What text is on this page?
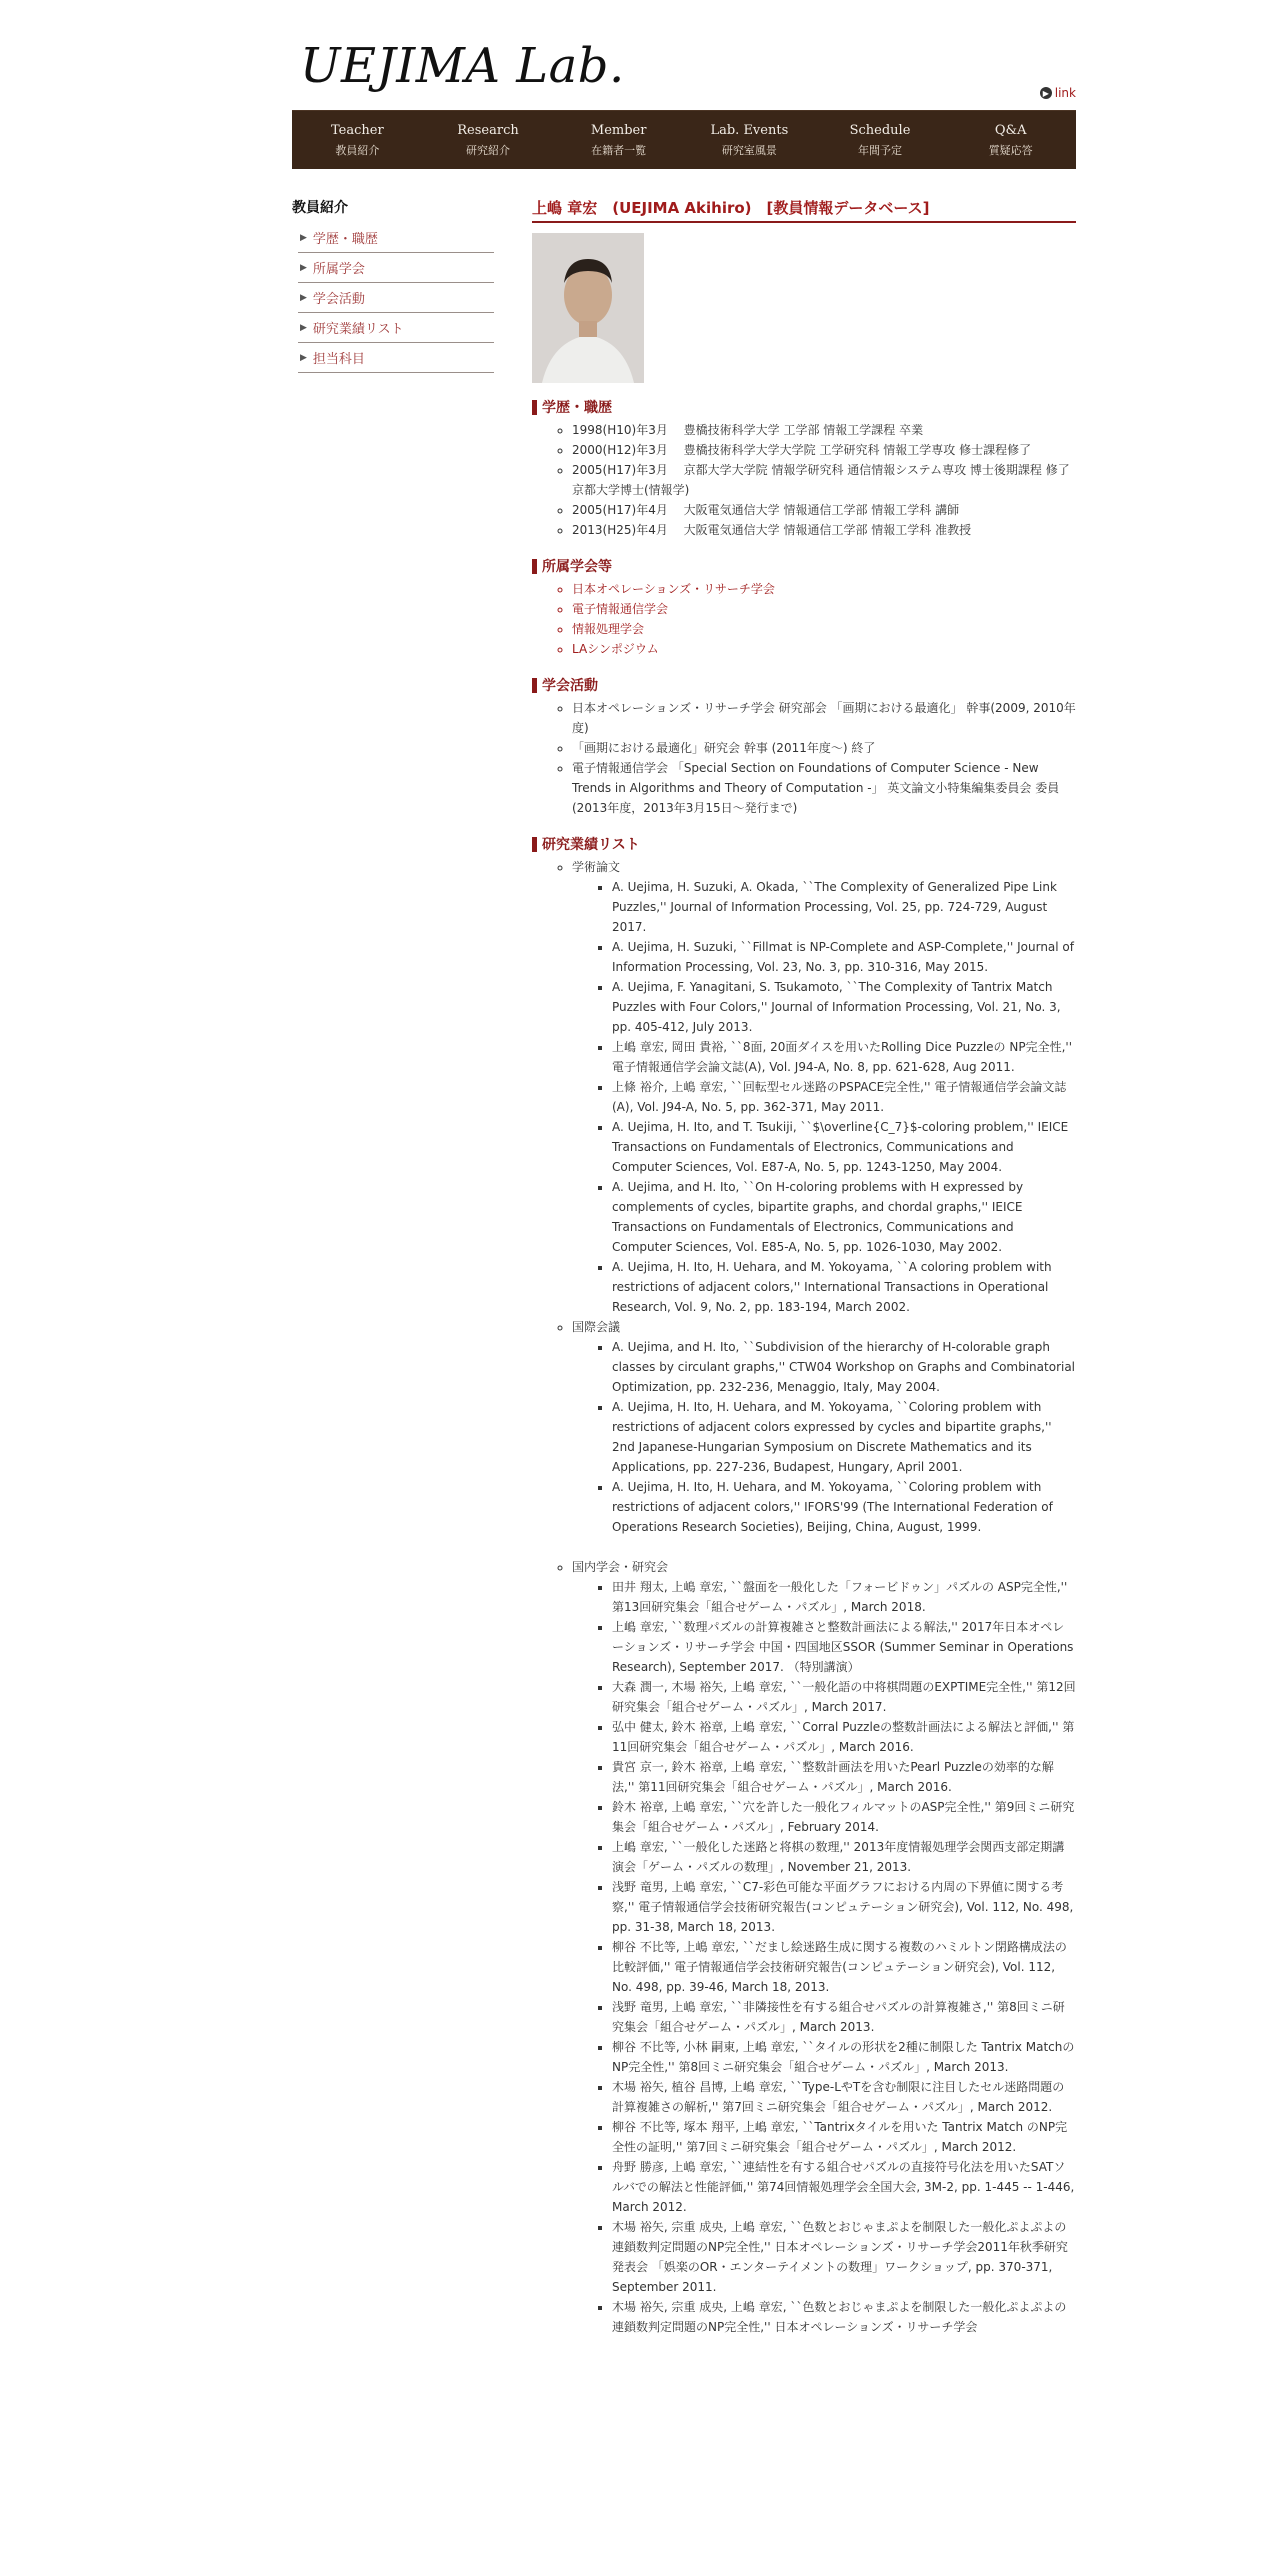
UEJIMA Lab.	▶ link
Teacher
教員紹介
Research
研究紹介
Member
在籍者一覧
Lab. Events
研究室風景
Schedule
年間予定
Q&A
質疑応答
教員紹介
▶ 学歴・職歴
▶ 所属学会
▶ 学会活動
▶ 研究業績リスト
▶ 担当科目
上嶋 章宏　(UEJIMA Akihiro)　[教員情報データベース]
学歴・職歴
◦ 1998(H10)年3月　 豊橋技術科学大学 工学部 情報工学課程 卒業
◦ 2000(H12)年3月　 豊橋技術科学大学大学院 工学研究科 情報工学専攻 修士課程修了
◦ 2005(H17)年3月　 京都大学大学院 情報学研究科 通信情報システム専攻 博士後期課程 修了　京都大学博士(情報学)
◦ 2005(H17)年4月　 大阪電気通信大学 情報通信工学部 情報工学科 講師
◦ 2013(H25)年4月　 大阪電気通信大学 情報通信工学部 情報工学科 准教授
所属学会等
◦ 日本オペレーションズ・リサーチ学会
◦ 電子情報通信学会
◦ 情報処理学会
◦ LAシンポジウム
学会活動
◦ 日本オペレーションズ・リサーチ学会 研究部会 「画期における最適化」 幹事(2009, 2010年度)
◦ 「画期における最適化」研究会 幹事 (2011年度～) 終了
◦ 電子情報通信学会 「Special Section on Foundations of Computer Science - New Trends in Algorithms and Theory of Computation -」 英文論文小特集編集委員会 委員(2013年度，2013年3月15日～発行まで)
研究業績リスト
◦ 学術論文
▪ A. Uejima, H. Suzuki, A. Okada, ``The Complexity of Generalized Pipe Link Puzzles,'' Journal of Information Processing, Vol. 25, pp. 724-729, August 2017.
▪ A. Uejima, H. Suzuki, ``Fillmat is NP-Complete and ASP-Complete,'' Journal of Information Processing, Vol. 23, No. 3, pp. 310-316, May 2015.
▪ A. Uejima, F. Yanagitani, S. Tsukamoto, ``The Complexity of Tantrix Match Puzzles with Four Colors,'' Journal of Information Processing, Vol. 21, No. 3, pp. 405-412, July 2013.
▪ 上嶋 章宏, 岡田 貴裕, ``8面, 20面ダイスを用いたRolling Dice Puzzleの NP完全性,'' 電子情報通信学会論文誌(A), Vol. J94-A, No. 8, pp. 621-628, Aug 2011.
▪ 上條 裕介, 上嶋 章宏, ``回転型セル迷路のPSPACE完全性,'' 電子情報通信学会論文誌(A), Vol. J94-A, No. 5, pp. 362-371, May 2011.
▪ A. Uejima, H. Ito, and T. Tsukiji, ``$\overline{C_7}$-coloring problem,'' IEICE Transactions on Fundamentals of Electronics, Communications and Computer Sciences, Vol. E87-A, No. 5, pp. 1243-1250, May 2004.
▪ A. Uejima, and H. Ito, ``On H-coloring problems with H expressed by complements of cycles, bipartite graphs, and chordal graphs,'' IEICE Transactions on Fundamentals of Electronics, Communications and Computer Sciences, Vol. E85-A, No. 5, pp. 1026-1030, May 2002.
▪ A. Uejima, H. Ito, H. Uehara, and M. Yokoyama, ``A coloring problem with restrictions of adjacent colors,'' International Transactions in Operational Research, Vol. 9, No. 2, pp. 183-194, March 2002.
◦ 国際会議
▪ A. Uejima, and H. Ito, ``Subdivision of the hierarchy of H-colorable graph classes by circulant graphs,'' CTW04 Workshop on Graphs and Combinatorial Optimization, pp. 232-236, Menaggio, Italy, May 2004.
▪ A. Uejima, H. Ito, H. Uehara, and M. Yokoyama, ``Coloring problem with restrictions of adjacent colors expressed by cycles and bipartite graphs,'' 2nd Japanese-Hungarian Symposium on Discrete Mathematics and its Applications, pp. 227-236, Budapest, Hungary, April 2001.
▪ A. Uejima, H. Ito, H. Uehara, and M. Yokoyama, ``Coloring problem with restrictions of adjacent colors,'' IFORS'99 (The International Federation of Operations Research Societies), Beijing, China, August, 1999.

◦ 国内学会・研究会
▪ 田井 翔太, 上嶋 章宏, ``盤面を一般化した「フォービドゥン」パズルの ASP完全性,'' 第13回研究集会「組合せゲーム・パズル」, March 2018.
▪ 上嶋 章宏, ``数理パズルの計算複雑さと整数計画法による解法,'' 2017年日本オペレーションズ・リサーチ学会 中国・四国地区SSOR (Summer Seminar in Operations Research), September 2017. （特別講演）
▪ 大森 潤一, 木場 裕矢, 上嶋 章宏, ``一般化語の中将棋問題のEXPTIME完全性,'' 第12回研究集会「組合せゲーム・パズル」, March 2017.
▪ 弘中 健太, 鈴木 裕章, 上嶋 章宏, ``Corral Puzzleの整数計画法による解法と評価,'' 第11回研究集会「組合せゲーム・パズル」, March 2016.
▪ 貴宮 京一, 鈴木 裕章, 上嶋 章宏, ``整数計画法を用いたPearl Puzzleの効率的な解法,'' 第11回研究集会「組合せゲーム・パズル」, March 2016.
▪ 鈴木 裕章, 上嶋 章宏, ``穴を許した一般化フィルマットのASP完全性,'' 第9回ミニ研究集会「組合せゲーム・パズル」, February 2014.
▪ 上嶋 章宏, ``一般化した迷路と将棋の数理,'' 2013年度情報処理学会関西支部定期講演会「ゲーム・パズルの数理」, November 21, 2013.
▪ 浅野 竜男, 上嶋 章宏, ``C7-彩色可能な平面グラフにおける内周の下界値に関する考察,'' 電子情報通信学会技術研究報告(コンピュテーション研究会), Vol. 112, No. 498, pp. 31-38, March 18, 2013.
▪ 柳谷 不比等, 上嶋 章宏, ``だまし絵迷路生成に関する複数のハミルトン閉路構成法の比較評価,'' 電子情報通信学会技術研究報告(コンピュテーション研究会), Vol. 112, No. 498, pp. 39-46, March 18, 2013.
▪ 浅野 竜男, 上嶋 章宏, ``非隣接性を有する組合せパズルの計算複雑さ,'' 第8回ミニ研究集会「組合せゲーム・パズル」, March 2013.
▪ 柳谷 不比等, 小林 嗣東, 上嶋 章宏, ``タイルの形状を2種に制限した Tantrix MatchのNP完全性,'' 第8回ミニ研究集会「組合せゲーム・パズル」, March 2013.
▪ 木場 裕矢, 植谷 昌博, 上嶋 章宏, ``Type-LやTを含む制限に注目したセル迷路問題の計算複雑さの解析,'' 第7回ミニ研究集会「組合せゲーム・パズル」, March 2012.
▪ 柳谷 不比等, 塚本 翔平, 上嶋 章宏, ``Tantrixタイルを用いた Tantrix Match のNP完全性の証明,'' 第7回ミニ研究集会「組合せゲーム・パズル」, March 2012.
▪ 舟野 勝彦, 上嶋 章宏, ``連結性を有する組合せパズルの直接符号化法を用いたSATソルバでの解法と性能評価,'' 第74回情報処理学会全国大会, 3M-2, pp. 1-445 -- 1-446, March 2012.
▪ 木場 裕矢, 宗重 成央, 上嶋 章宏, ``色数とおじゃまぷよを制限した一般化ぷよぷよの連鎖数判定問題のNP完全性,'' 日本オペレーションズ・リサーチ学会2011年秋季研究発表会 「娯楽のOR・エンターテイメントの数理」ワークショップ, pp. 370-371, September 2011.
▪ 木場 裕矢, 宗重 成央, 上嶋 章宏, ``色数とおじゃまぷよを制限した一般化ぷよぷよの連鎖数判定問題のNP完全性,'' 日本オペレーションズ・リサーチ学会
